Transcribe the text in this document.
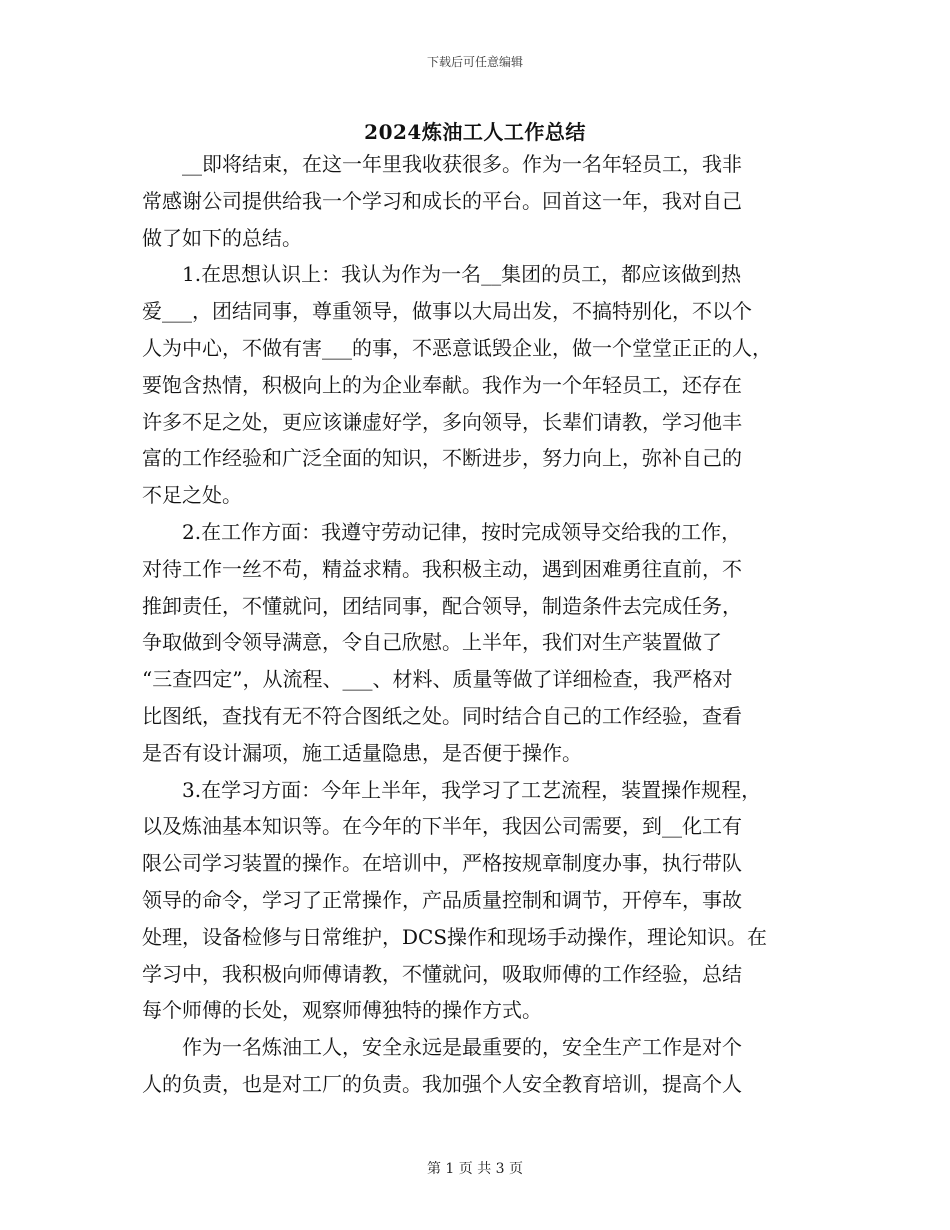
下载后可任意编辑
2024炼油工人工作总结
　　__即将结束，在这一年里我收获很多。作为一名年轻员工，我非
常感谢公司提供给我一个学习和成长的平台。回首这一年，我对自己
做了如下的总结。
　　1.在思想认识上：我认为作为一名__集团的员工，都应该做到热
爱___，团结同事，尊重领导，做事以大局出发，不搞特别化，不以个
人为中心，不做有害___的事，不恶意诋毁企业，做一个堂堂正正的人，
要饱含热情，积极向上的为企业奉献。我作为一个年轻员工，还存在
许多不足之处，更应该谦虚好学，多向领导，长辈们请教，学习他丰
富的工作经验和广泛全面的知识，不断进步，努力向上，弥补自己的
不足之处。
　　2.在工作方面：我遵守劳动记律，按时完成领导交给我的工作，
对待工作一丝不苟，精益求精。我积极主动，遇到困难勇往直前，不
推卸责任，不懂就问，团结同事，配合领导，制造条件去完成任务，
争取做到令领导满意，令自己欣慰。上半年，我们对生产装置做了
“三查四定”，从流程、___、材料、质量等做了详细检查，我严格对
比图纸，查找有无不符合图纸之处。同时结合自己的工作经验，查看
是否有设计漏项，施工适量隐患，是否便于操作。
　　3.在学习方面：今年上半年，我学习了工艺流程，装置操作规程，
以及炼油基本知识等。在今年的下半年，我因公司需要，到__化工有
限公司学习装置的操作。在培训中，严格按规章制度办事，执行带队
领导的命令，学习了正常操作，产品质量控制和调节，开停车，事故
处理，设备检修与日常维护，DCS操作和现场手动操作，理论知识。在
学习中，我积极向师傅请教，不懂就问，吸取师傅的工作经验，总结
每个师傅的长处，观察师傅独特的操作方式。
　　作为一名炼油工人，安全永远是最重要的，安全生产工作是对个
人的负责，也是对工厂的负责。我加强个人安全教育培训，提高个人
第 1 页 共 3 页
